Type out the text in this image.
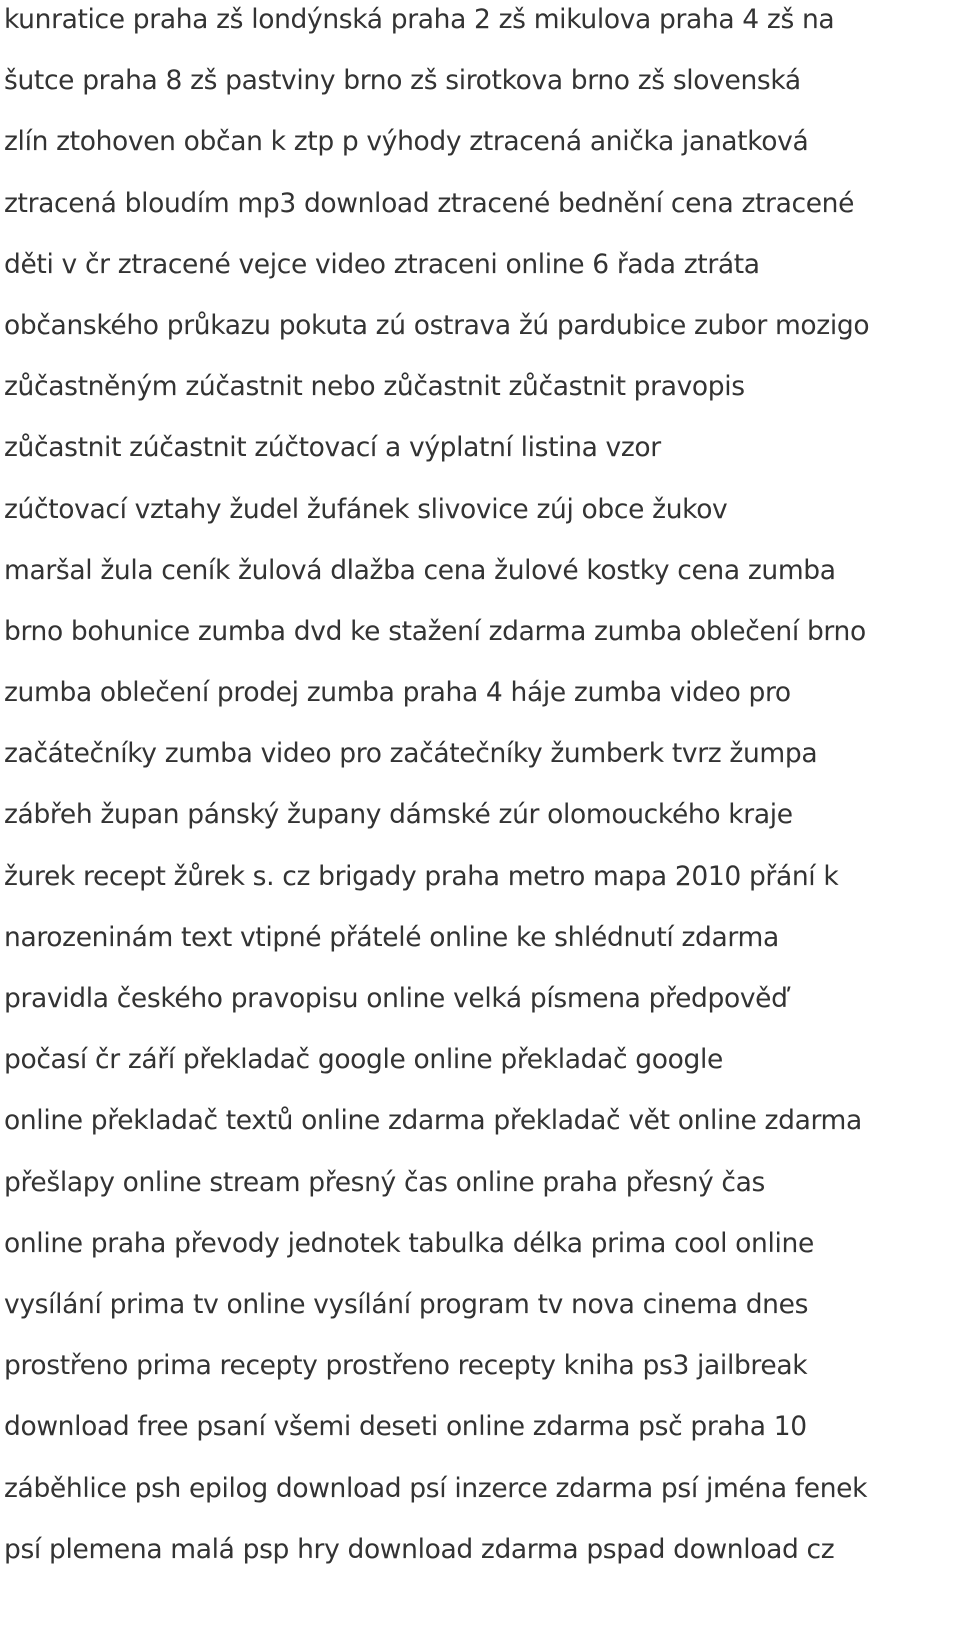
kunratice praha zš londýnská praha 2 zš mikulova praha 4 zš na
šutce praha 8 zš pastviny brno zš sirotkova brno zš slovenská
zlín ztohoven občan k ztp p výhody ztracená anička janatková
ztracená bloudím mp3 download ztracené bednění cena ztracené
děti v čr ztracené vejce video ztraceni online 6 řada ztráta
občanského průkazu pokuta zú ostrava žú pardubice zubor mozigo
zůčastněným zúčastnit nebo zůčastnit zůčastnit pravopis
zůčastnit zúčastnit zúčtovací a výplatní listina vzor
zúčtovací vztahy žudel žufánek slivovice zúj obce žukov
maršal žula ceník žulová dlažba cena žulové kostky cena zumba
brno bohunice zumba dvd ke stažení zdarma zumba oblečení brno
zumba oblečení prodej zumba praha 4 háje zumba video pro
začátečníky zumba video pro začátečníky žumberk tvrz žumpa
zábřeh župan pánský župany dámské zúr olomouckého kraje
žurek recept žůrek s. cz brigady praha metro mapa 2010 přání k
narozeninám text vtipné přátelé online ke shlédnutí zdarma
pravidla českého pravopisu online velká písmena předpověď
počasí čr září překladač google online překladač google
online překladač textů online zdarma překladač vět online zdarma
přešlapy online stream přesný čas online praha přesný čas
online praha převody jednotek tabulka délka prima cool online
vysílání prima tv online vysílání program tv nova cinema dnes
prostřeno prima recepty prostřeno recepty kniha ps3 jailbreak
download free psaní všemi deseti online zdarma psč praha 10
záběhlice psh epilog download psí inzerce zdarma psí jména fenek
psí plemena malá psp hry download zdarma pspad download cz
